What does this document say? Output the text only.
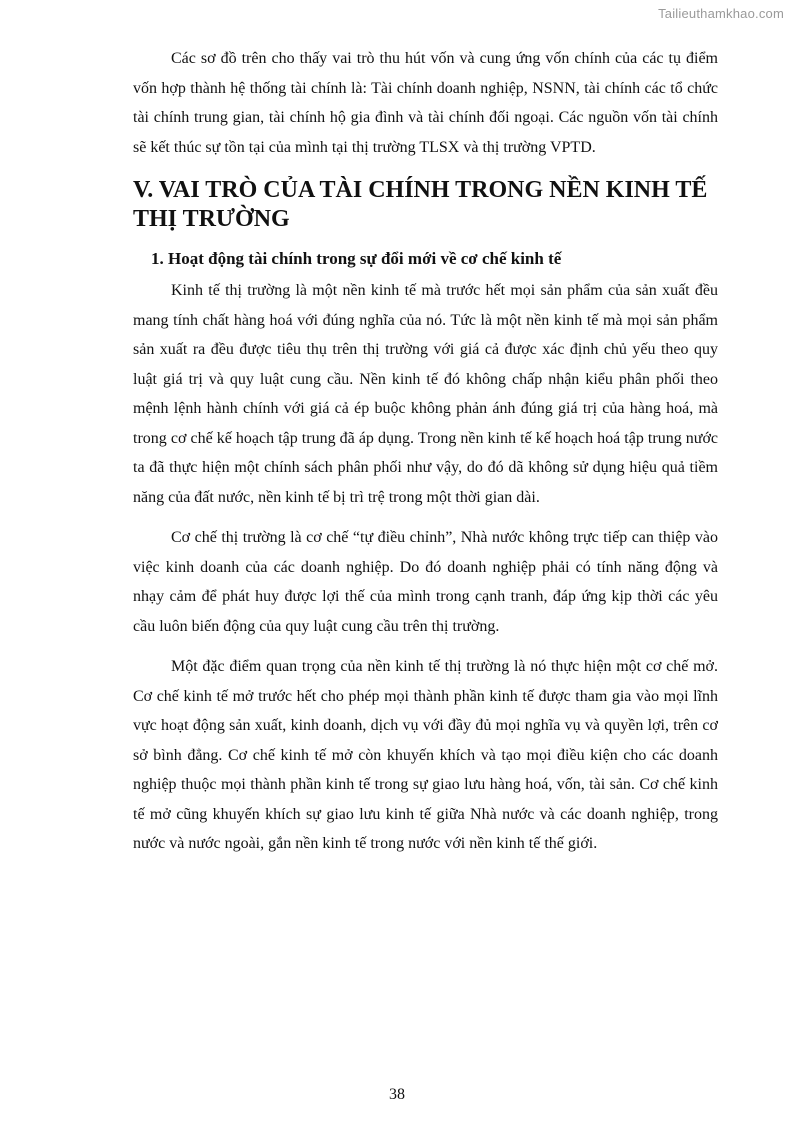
Tailieuthamkhao.com

Các sơ đồ trên cho thấy vai trò thu hút vốn và cung ứng vốn chính của các tụ điểm vốn hợp thành hệ thống tài chính là: Tài chính doanh nghiệp, NSNN, tài chính các tổ chức tài chính trung gian, tài chính hộ gia đình và tài chính đối ngoại. Các nguồn vốn tài chính sẽ kết thúc sự tồn tại của mình tại thị trường TLSX và thị trường VPTD.

V. VAI TRÒ CỦA TÀI CHÍNH TRONG NỀN KINH TẾ THỊ TRƯỜNG
1. Hoạt động tài chính trong sự đổi mới về cơ chế kinh tế

Kinh tế thị trường là một nền kinh tế mà trước hết mọi sản phẩm của sản xuất đều mang tính chất hàng hoá với đúng nghĩa của nó. Tức là một nền kinh tế mà mọi sản phẩm sản xuất ra đều được tiêu thụ trên thị trường với giá cả được xác định chủ yếu theo quy luật giá trị và quy luật cung cầu. Nền kinh tế đó không chấp nhận kiểu phân phối theo mệnh lệnh hành chính với giá cả ép buộc không phản ánh đúng giá trị của hàng hoá, mà trong cơ chế kế hoạch tập trung đã áp dụng. Trong nền kinh tế kế hoạch hoá tập trung nước ta đã thực hiện một chính sách phân phối như vậy, do đó dã không sử dụng hiệu quả tiềm năng của đất nước, nền kinh tế bị trì trệ trong một thời gian dài.

Cơ chế thị trường là cơ chế “tự điều chỉnh”, Nhà nước không trực tiếp can thiệp vào việc kinh doanh của các doanh nghiệp. Do đó doanh nghiệp phải có tính năng động và nhạy cảm để phát huy được lợi thế của mình trong cạnh tranh, đáp ứng kịp thời các yêu cầu luôn biến động của quy luật cung cầu trên thị trường.

Một đặc điểm quan trọng của nền kinh tế thị trường là nó thực hiện một cơ chế mở. Cơ chế kinh tế mở trước hết cho phép mọi thành phần kinh tế được tham gia vào mọi lĩnh vực hoạt động sản xuất, kinh doanh, dịch vụ với đầy đủ mọi nghĩa vụ và quyền lợi, trên cơ sở bình đẳng. Cơ chế kinh tế mở còn khuyến khích và tạo mọi điều kiện cho các doanh nghiệp thuộc mọi thành phần kinh tế trong sự giao lưu hàng hoá, vốn, tài sản. Cơ chế kinh tế mở cũng khuyến khích sự giao lưu kinh tế giữa Nhà nước và các doanh nghiệp, trong nước và nước ngoài, gắn nền kinh tế trong nước với nền kinh tế thế giới.

38
